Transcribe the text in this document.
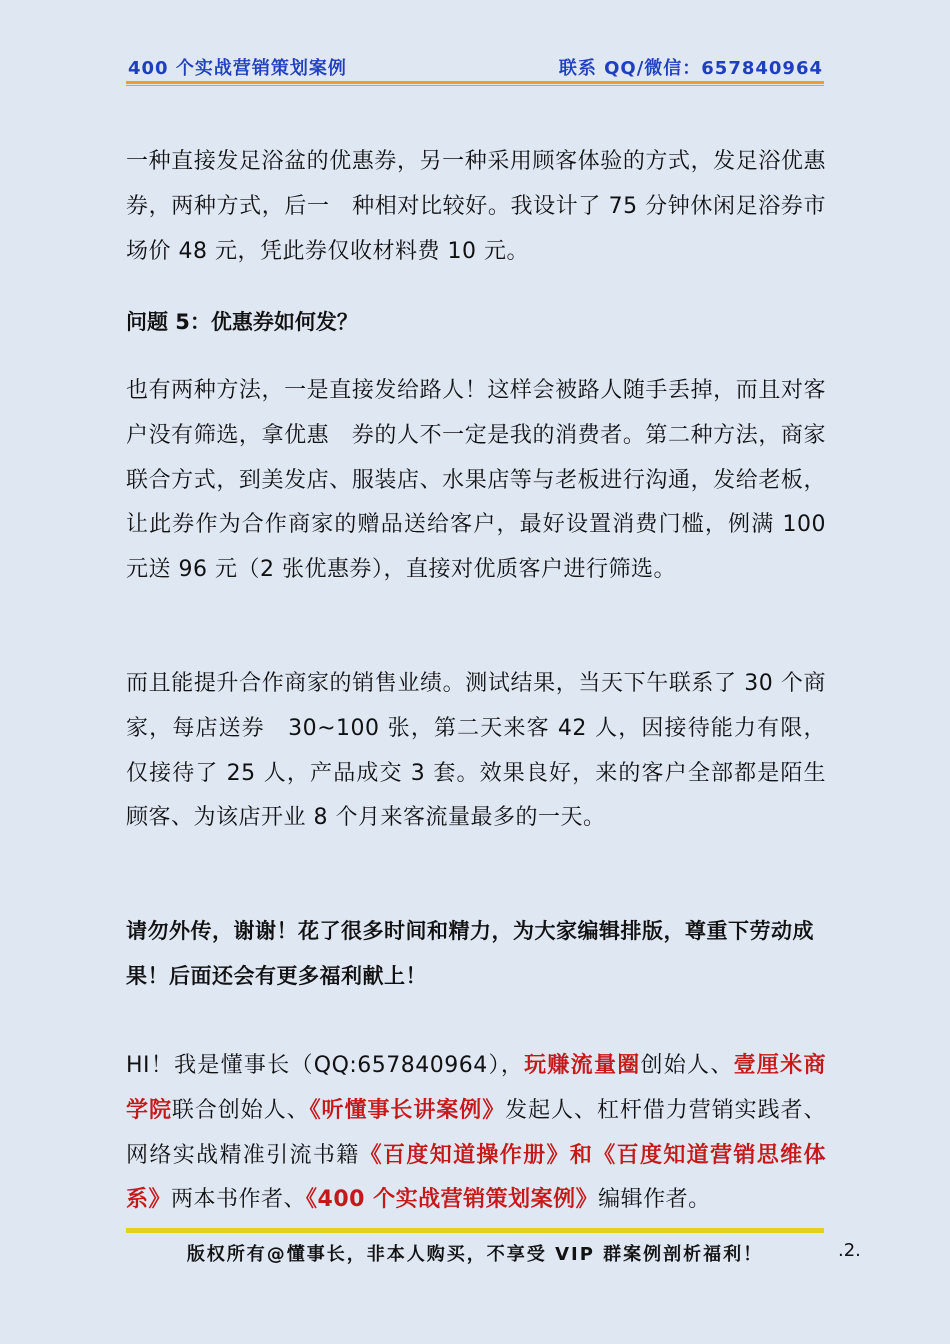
400 个实战营销策划案例	联系 QQ/微信：657840964

一种直接发足浴盆的优惠券，另一种采用顾客体验的方式，发足浴优惠券，两种方式，后一　种相对比较好。我设计了 75 分钟休闲足浴券市场价 48 元，凭此券仅收材料费 10 元。

问题 5：优惠券如何发？

也有两种方法，一是直接发给路人！这样会被路人随手丢掉，而且对客户没有筛选，拿优惠　券的人不一定是我的消费者。第二种方法，商家联合方式，到美发店、服装店、水果店等与老板进行沟通，发给老板，让此券作为合作商家的赠品送给客户，最好设置消费门槛，例满 100 元送 96 元（2 张优惠券），直接对优质客户进行筛选。

而且能提升合作商家的销售业绩。测试结果，当天下午联系了 30 个商家，每店送券　30~100 张，第二天来客 42 人，因接待能力有限，仅接待了 25 人，产品成交 3 套。效果良好，来的客户全部都是陌生顾客、为该店开业 8 个月来客流量最多的一天。

请勿外传，谢谢！花了很多时间和精力，为大家编辑排版，尊重下劳动成果！后面还会有更多福利献上！

HI！我是懂事长（QQ:657840964），玩赚流量圈创始人、壹厘米商学院联合创始人、《听懂事长讲案例》发起人、杠杆借力营销实践者、网络实战精准引流书籍《百度知道操作册》和《百度知道营销思维体系》两本书作者、《400 个实战营销策划案例》编辑作者。

版权所有@懂事长，非本人购买，不享受 VIP 群案例剖析福利！	.2.
